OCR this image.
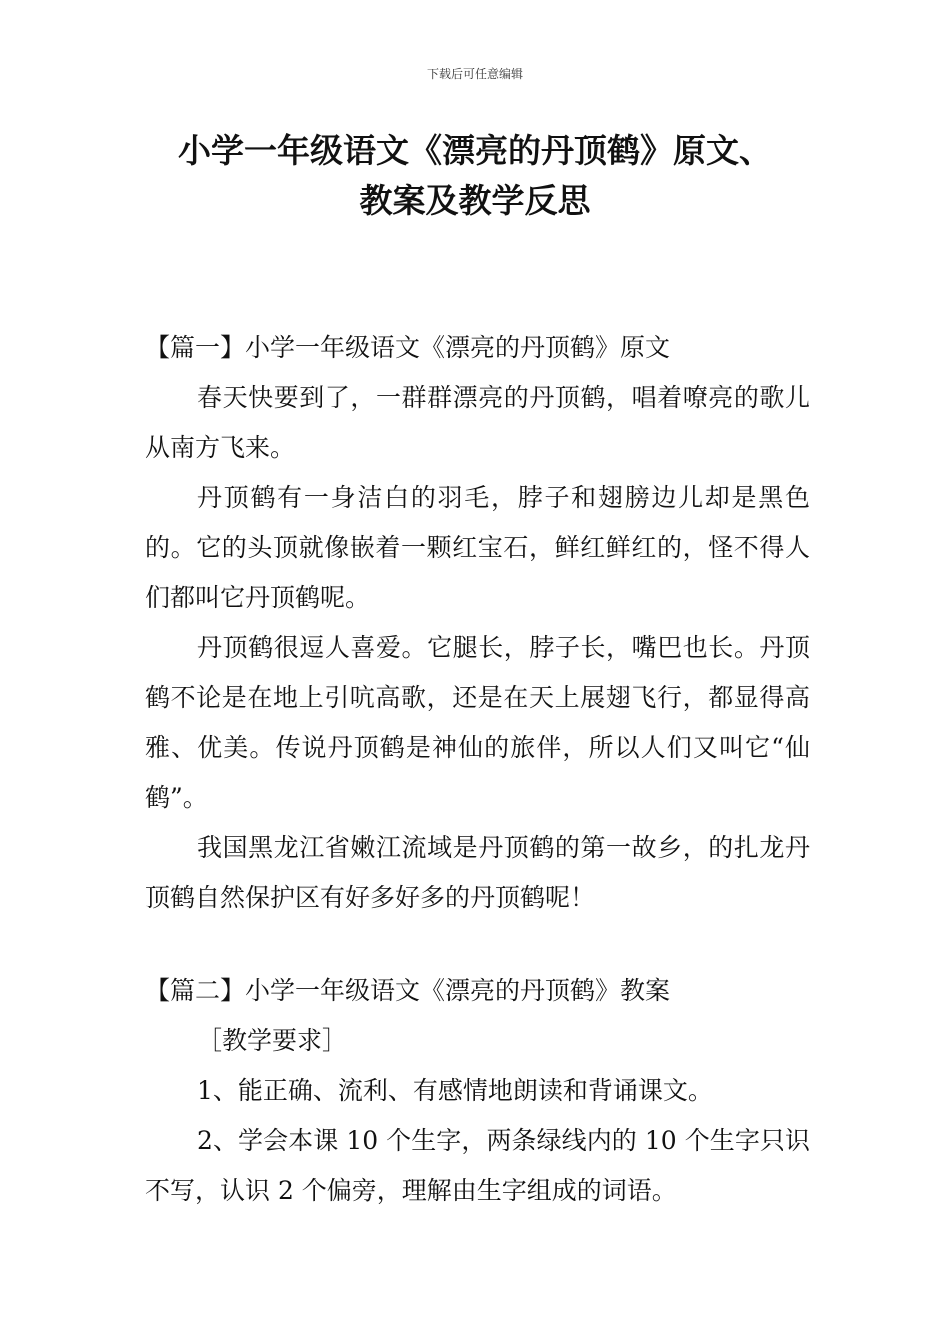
下载后可任意编辑
小学一年级语文《漂亮的丹顶鹤》原文、
教案及教学反思

【篇一】小学一年级语文《漂亮的丹顶鹤》原文

春天快要到了，一群群漂亮的丹顶鹤，唱着嘹亮的歌儿从南方飞来。

丹顶鹤有一身洁白的羽毛，脖子和翅膀边儿却是黑色的。它的头顶就像嵌着一颗红宝石，鲜红鲜红的，怪不得人们都叫它丹顶鹤呢。

丹顶鹤很逗人喜爱。它腿长，脖子长，嘴巴也长。丹顶鹤不论是在地上引吭高歌，还是在天上展翅飞行，都显得高雅、优美。传说丹顶鹤是神仙的旅伴，所以人们又叫它“仙鹤”。

我国黑龙江省嫩江流域是丹顶鹤的第一故乡，的扎龙丹顶鹤自然保护区有好多好多的丹顶鹤呢！

【篇二】小学一年级语文《漂亮的丹顶鹤》教案

［教学要求］

1、能正确、流利、有感情地朗读和背诵课文。

2、学会本课 10 个生字，两条绿线内的 10 个生字只识不写，认识 2 个偏旁，理解由生字组成的词语。
